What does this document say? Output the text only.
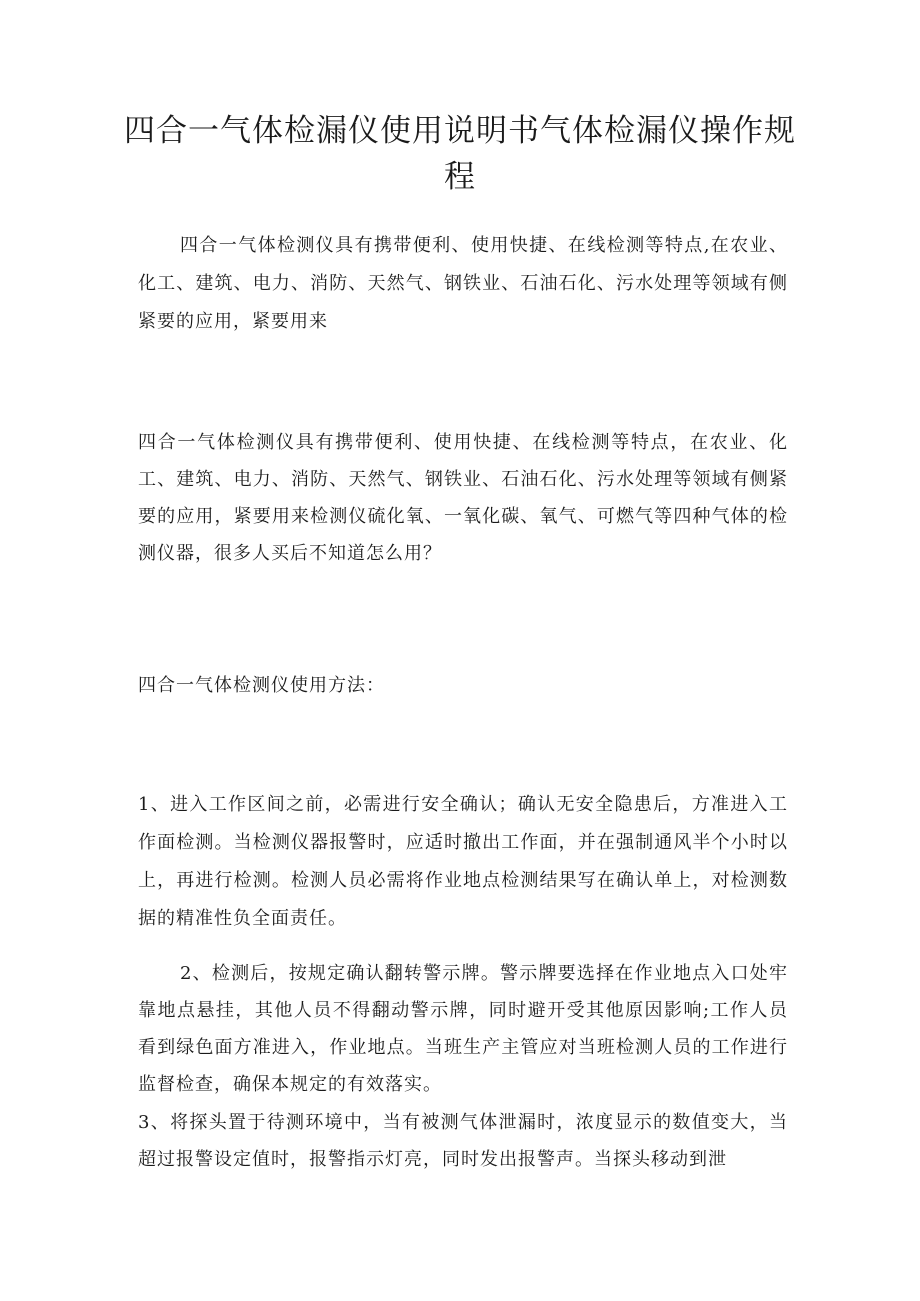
四合一气体检漏仪使用说明书气体检漏仪操作规程

四合一气体检测仪具有携带便利、使用快捷、在线检测等特点,在农业、化工、建筑、电力、消防、天然气、钢铁业、石油石化、污水处理等领域有侧紧要的应用，紧要用来

四合一气体检测仪具有携带便利、使用快捷、在线检测等特点，在农业、化工、建筑、电力、消防、天然气、钢铁业、石油石化、污水处理等领域有侧紧要的应用，紧要用来检测仪硫化氧、一氧化碳、氧气、可燃气等四种气体的检测仪器，很多人买后不知道怎么用？

四合一气体检测仪使用方法：

1、进入工作区间之前，必需进行安全确认；确认无安全隐患后，方准进入工作面检测。当检测仪器报警时，应适时撤出工作面，并在强制通风半个小时以上，再进行检测。检测人员必需将作业地点检测结果写在确认单上，对检测数据的精准性负全面责任。

2、检测后，按规定确认翻转警示牌。警示牌要选择在作业地点入口处牢靠地点悬挂，其他人员不得翻动警示牌，同时避开受其他原因影响;工作人员看到绿色面方准进入，作业地点。当班生产主管应对当班检测人员的工作进行监督检查，确保本规定的有效落实。

3、将探头置于待测环境中，当有被测气体泄漏时，浓度显示的数值变大，当超过报警设定值时，报警指示灯亮，同时发出报警声。当探头移动到泄
